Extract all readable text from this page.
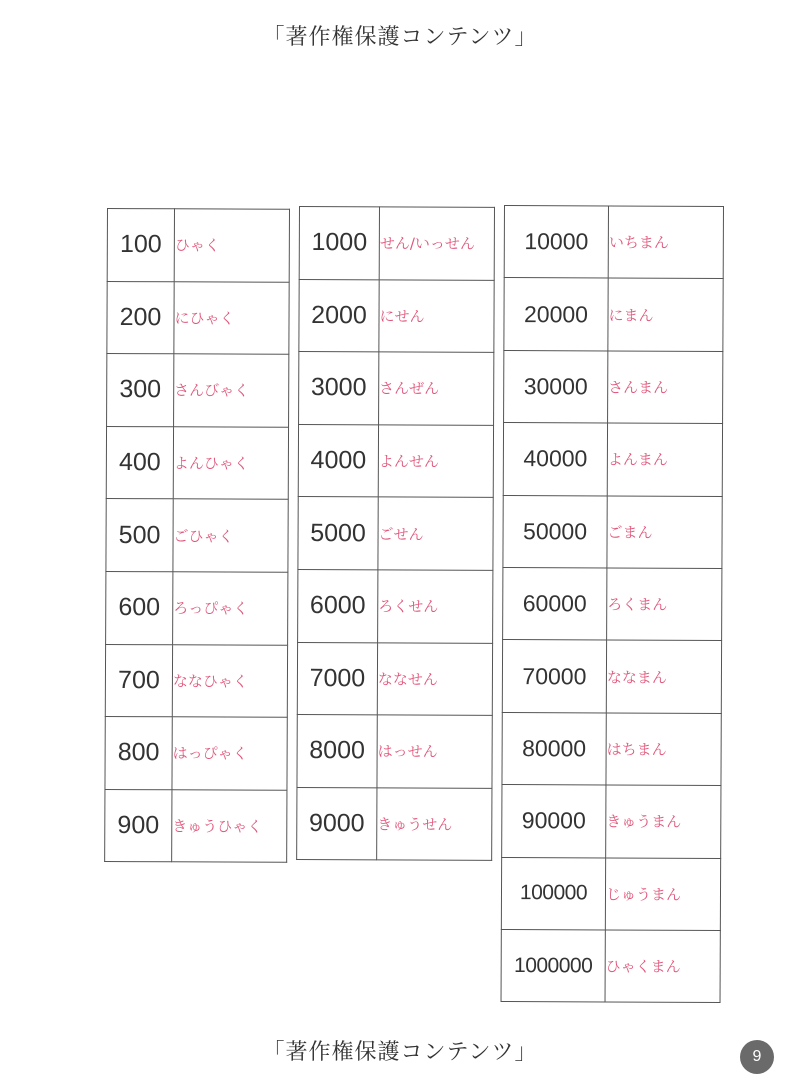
「著作権保護コンテンツ」
100	ひゃく
200	にひゃく
300	さんびゃく
400	よんひゃく
500	ごひゃく
600	ろっぴゃく
700	ななひゃく
800	はっぴゃく
900	きゅうひゃく
1000	せん/いっせん
2000	にせん
3000	さんぜん
4000	よんせん
5000	ごせん
6000	ろくせん
7000	ななせん
8000	はっせん
9000	きゅうせん
10000	いちまん
20000	にまん
30000	さんまん
40000	よんまん
50000	ごまん
60000	ろくまん
70000	ななまん
80000	はちまん
90000	きゅうまん
100000	じゅうまん
1000000	ひゃくまん
「著作権保護コンテンツ」	9
